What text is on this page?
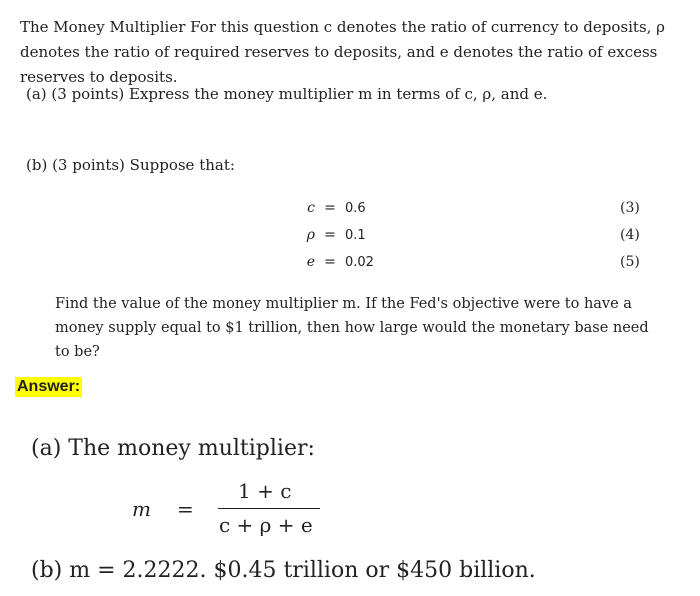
The Money Multiplier For this question c denotes the ratio of currency to deposits, ρ denotes the ratio of required reserves to deposits, and e denotes the ratio of excess reserves to deposits.
(a) (3 points) Express the money multiplier m in terms of c, ρ, and e.
(b) (3 points) Suppose that:
c = 0.6	(3)
ρ = 0.1	(4)
e = 0.02	(5)
Find the value of the money multiplier m. If the Fed's objective were to have a money supply equal to $1 trillion, then how large would the monetary base need to be?
Answer:
(a) The money multiplier:
m =
1 + c
c + ρ + e
(b) m = 2.2222. $0.45 trillion or $450 billion.
